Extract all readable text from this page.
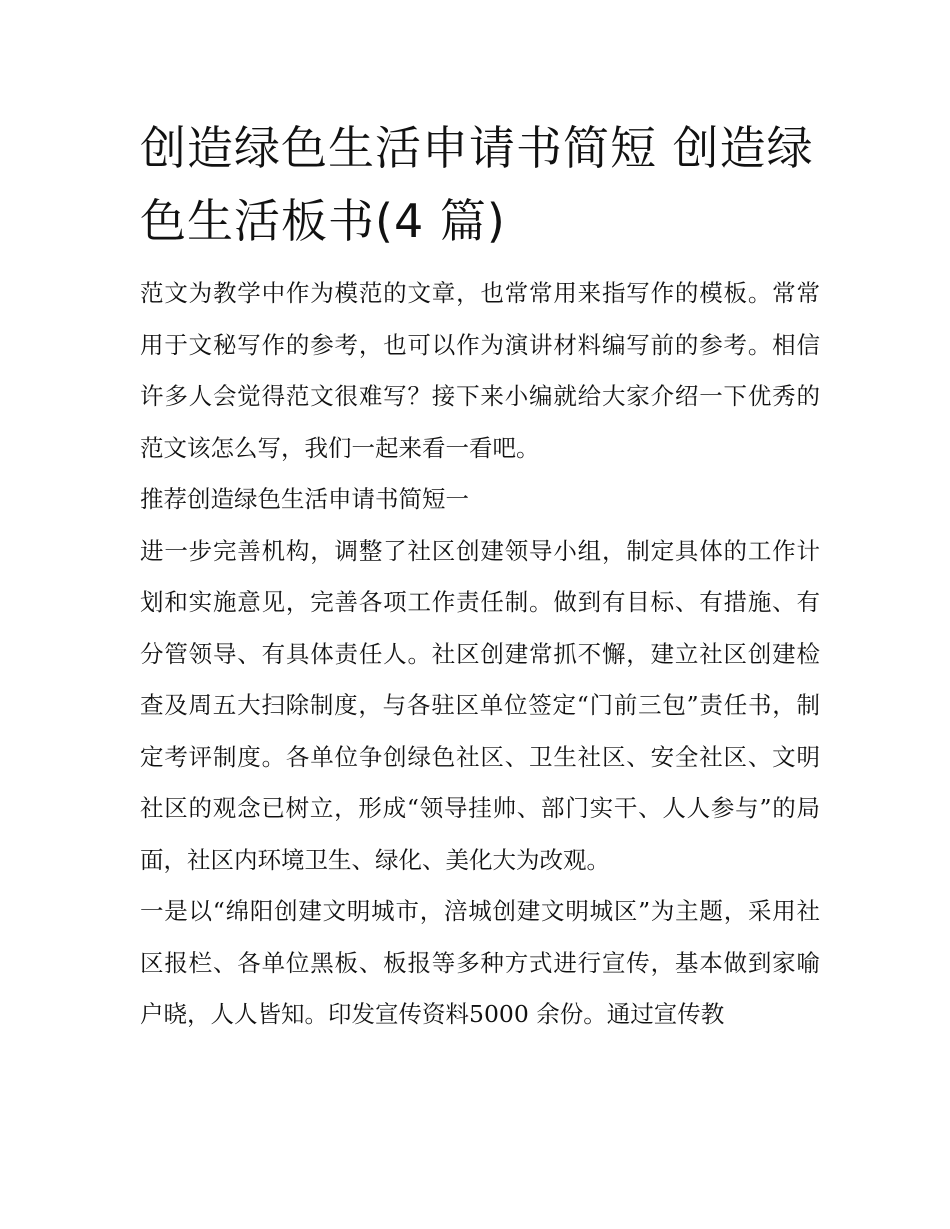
创造绿色生活申请书简短 创造绿色生活板书(4 篇)

范文为教学中作为模范的文章，也常常用来指写作的模板。常常用于文秘写作的参考，也可以作为演讲材料编写前的参考。相信许多人会觉得范文很难写？接下来小编就给大家介绍一下优秀的范文该怎么写，我们一起来看一看吧。

推荐创造绿色生活申请书简短一

进一步完善机构，调整了社区创建领导小组，制定具体的工作计划和实施意见，完善各项工作责任制。做到有目标、有措施、有分管领导、有具体责任人。社区创建常抓不懈，建立社区创建检查及周五大扫除制度，与各驻区单位签定“门前三包”责任书，制定考评制度。各单位争创绿色社区、卫生社区、安全社区、文明社区的观念已树立，形成“领导挂帅、部门实干、人人参与”的局面，社区内环境卫生、绿化、美化大为改观。

一是以“绵阳创建文明城市，涪城创建文明城区”为主题，采用社区报栏、各单位黑板、板报等多种方式进行宣传，基本做到家喻户晓，人人皆知。印发宣传资料5000 余份。通过宣传教
